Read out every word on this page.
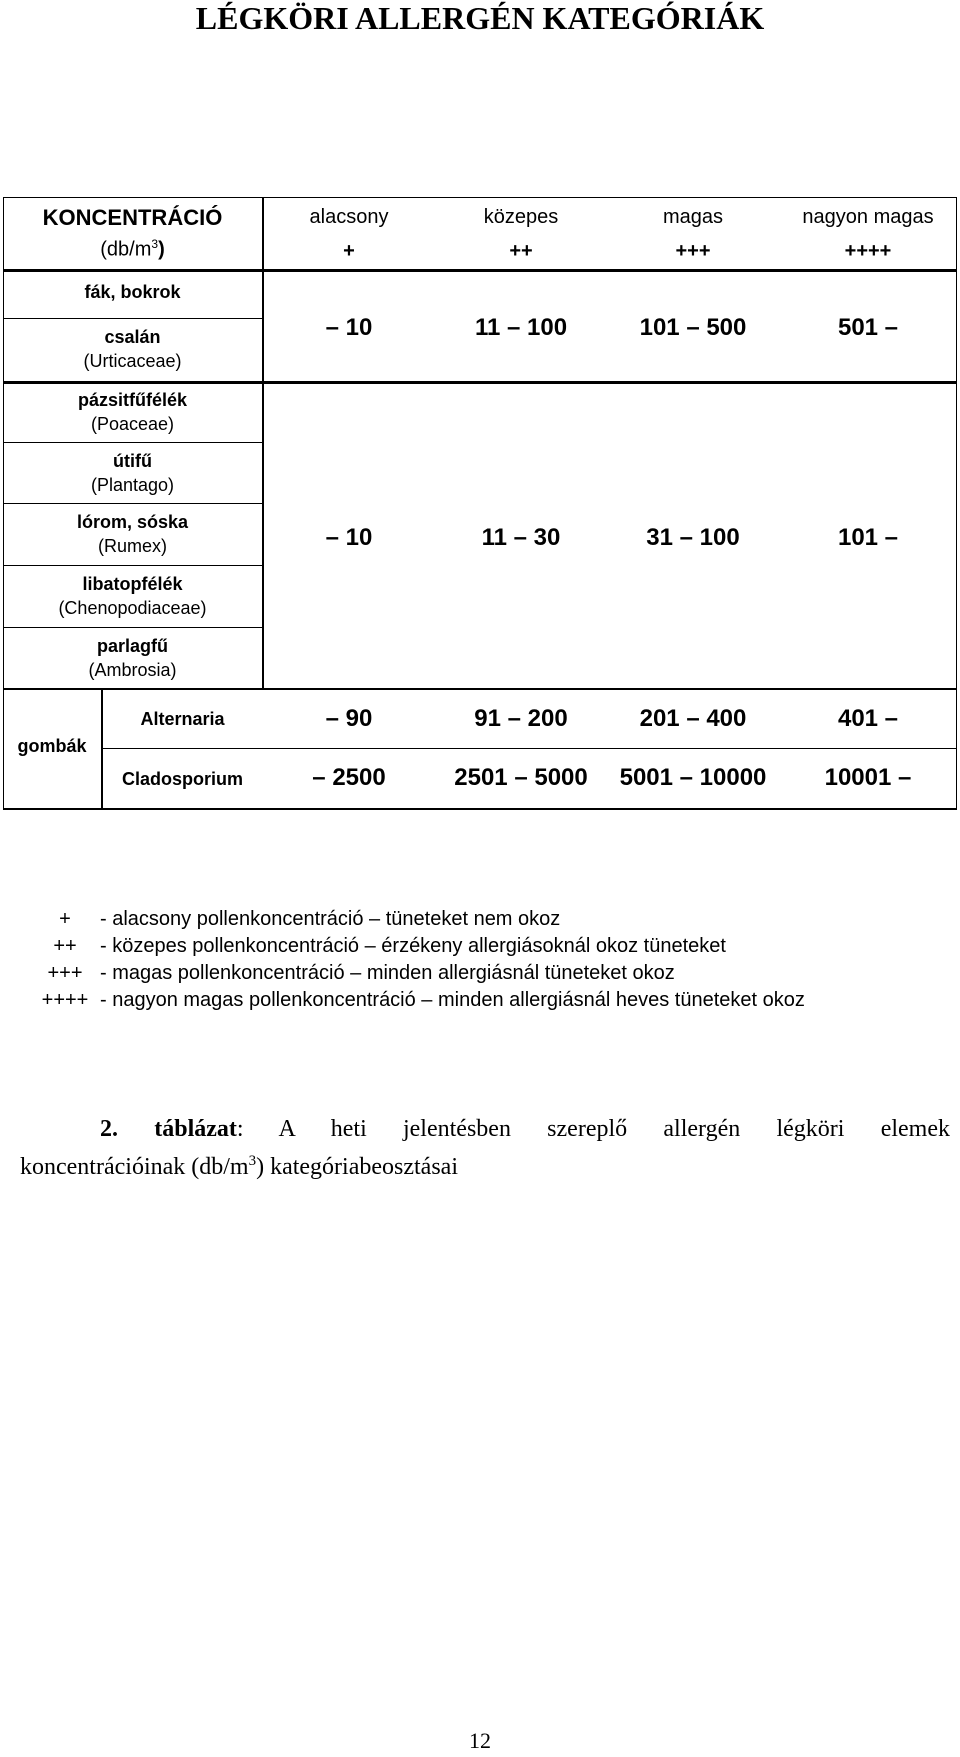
LÉGKÖRI ALLERGÉN KATEGÓRIÁK
KONCENTRÁCIÓ
$(db/m^3)$
alacsony	közepes	magas	nagyon magas
+	++	+++	++++
fák, bokrok
csalán
(Urticaceae)
– 10	11 – 100	101 – 500	501 –
pázsitfűfélék
(Poaceae)
útifű
(Plantago)
lórom, sóska
(Rumex)
libatopfélék
(Chenopodiaceae)
parlagfű
(Ambrosia)
– 10	11 – 30	31 – 100	101 –
gombák
Alternaria	– 90	91 – 200	201 – 400	401 –
Cladosporium	– 2500	2501 – 5000	5001 – 10000	10001 –
+ - alacsony pollenkoncentráció – tüneteket nem okoz
++ - közepes pollenkoncentráció – érzékeny allergiásoknál okoz tüneteket
+++ - magas pollenkoncentráció – minden allergiásnál tüneteket okoz
++++ - nagyon magas pollenkoncentráció – minden allergiásnál heves tüneteket okoz
2. táblázat: A heti jelentésben szereplő allergén légköri elemek
koncentrációinak $(db/m^3)$ kategóriabeosztásai
12
